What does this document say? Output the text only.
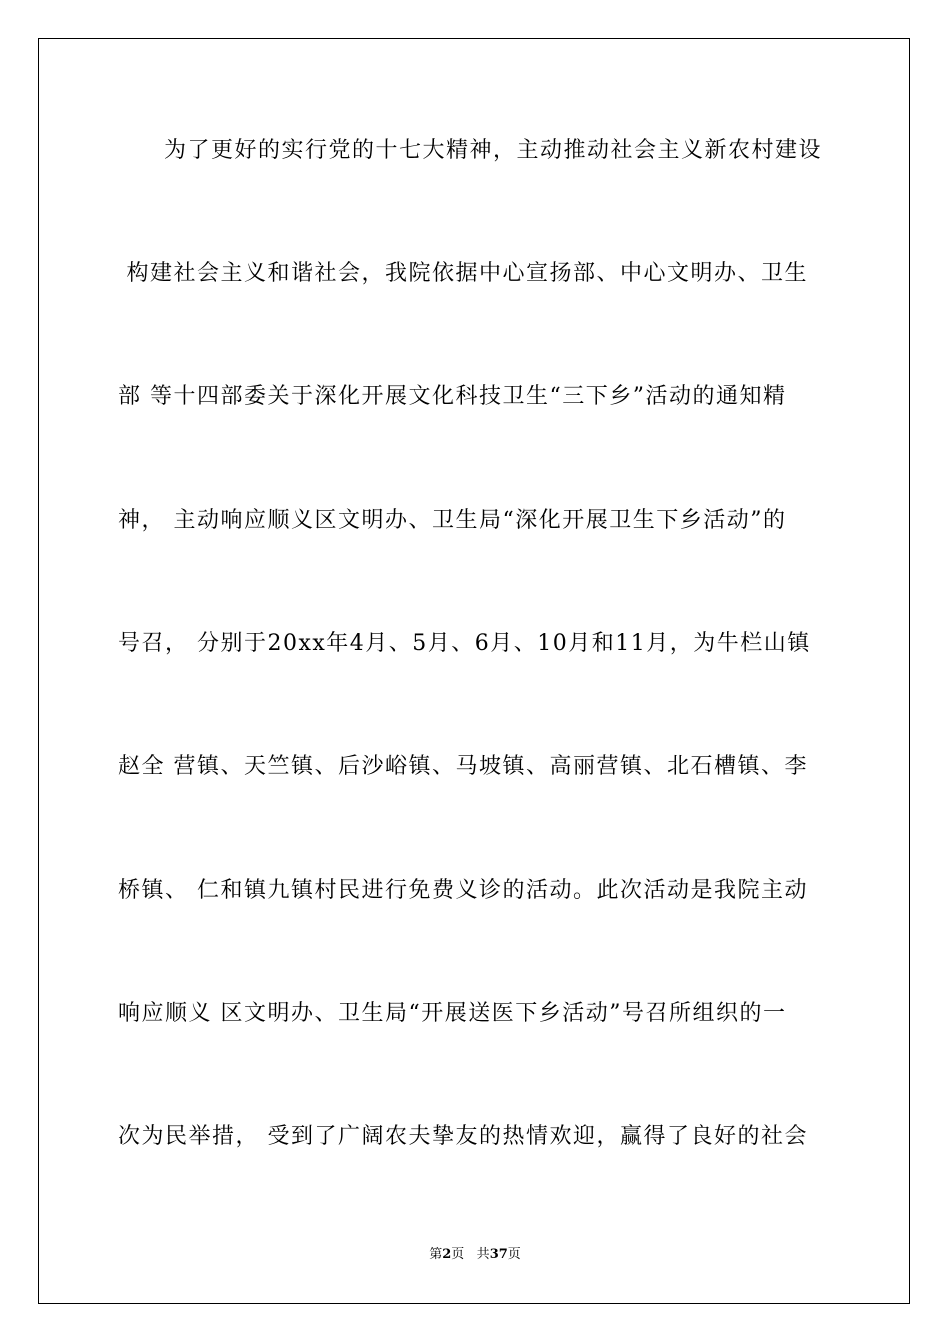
为了更好的实行党的十七大精神，主动推动社会主义新农村建设
构建社会主义和谐社会，我院依据中心宣扬部、中心文明办、卫生
部 等十四部委关于深化开展文化科技卫生“三下乡”活动的通知精
神， 主动响应顺义区文明办、卫生局“深化开展卫生下乡活动”的
号召， 分别于20xx年4月、5月、6月、10月和11月，为牛栏山镇
赵全 营镇、天竺镇、后沙峪镇、马坡镇、高丽营镇、北石槽镇、李
桥镇、 仁和镇九镇村民进行免费义诊的活动。此次活动是我院主动
响应顺义 区文明办、卫生局“开展送医下乡活动”号召所组织的一
次为民举措， 受到了广阔农夫挚友的热情欢迎，赢得了良好的社会
第2页 共37页
